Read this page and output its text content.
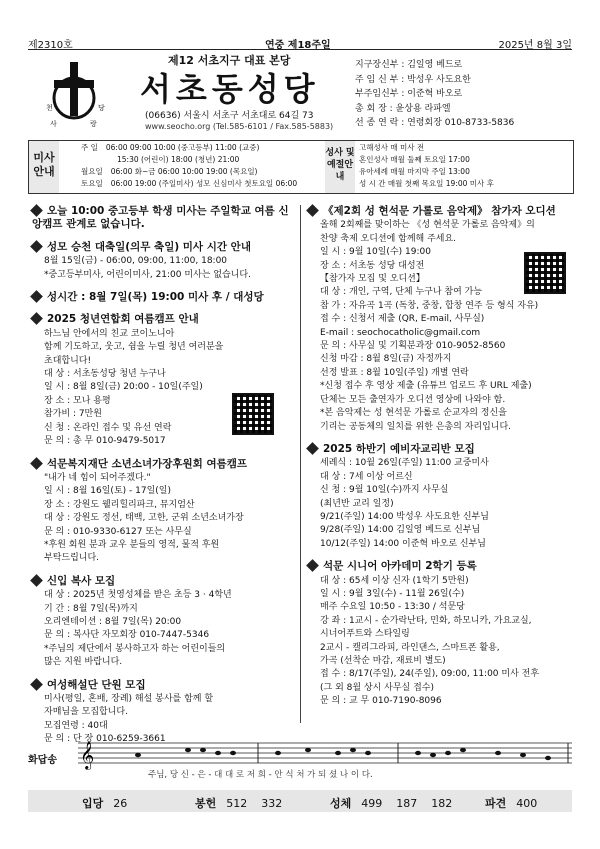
제2310호	연중 제18주일	2025년 8월 3일
천	당
사	랑
제12 서초지구 대표 본당
서초동성당
(06636) 서울시 서초구 서초대로 64길 73
www.seocho.org (Tel.585-6101 / Fax.585-5883)
지구장신부 : 김일영 베드로
주 임 신 부 : 박성우 사도요한
부주임신부 : 이준혁 바오로
총 회 장 : 윤상용 라파엘
선 종 연 락 : 연령회장 010-8733-5836
미사 안내
주 일 06:00 09:00 10:00 (중고등부) 11:00 (교중)
15:30 (어린이) 18:00 (청년) 21:00
월요일 06:00 화~금 06:00 10:00 19:00 (목요일)
토요일 06:00 19:00 (주일미사) 성모 신심미사 첫토요일 06:00
성사 및 예절안내
고해성사 매 미사 전
혼인성사 매월 둘째 토요일 17:00
유아세례 매월 마지막 주일 13:00
성 시 간 매월 첫째 목요일 19:00 미사 후
오늘 10:00 중고등부 학생 미사는 주일학교 여름 신앙캠프 관계로 없습니다.
성모 승천 대축일(의무 축일) 미사 시간 안내
8월 15일(금) - 06:00, 09:00, 11:00, 18:00
*중고등부미사, 어린이미사, 21:00 미사는 없습니다.
성시간 : 8월 7일(목) 19:00 미사 후 / 대성당
2025 청년연합회 여름캠프 안내
하느님 안에서의 친교 코이노니아
함께 기도하고, 웃고, 쉼을 누릴 청년 여러분을
초대합니다!
대 상 : 서초동성당 청년 누구나
일 시 : 8월 8일(금) 20:00 - 10일(주일)
장 소 : 모나 용평
참가비 : 7만원
신 청 : 온라인 접수 및 유선 연락
문 의 : 총 무 010-9479-5017
석문복지재단 소년소녀가장후원회 여름캠프
"내가 네 힘이 되어주겠다."
일 시 : 8월 16일(토) - 17일(일)
장 소 : 강원도 웰리힐리파크, 뮤지엄산
대 상 : 강원도 정선, 태백, 고한, 군위 소년소녀가장
문 의 : 010-9330-6127 또는 사무실
*후원 회원 분과 교우 분들의 영적, 물적 후원
부탁드립니다.
신입 복사 모집
대 상 : 2025년 첫영성체를 받은 초등 3 · 4학년
기 간 : 8월 7일(목)까지
오리엔테이션 : 8월 7일(목) 20:00
문 의 : 복사단 자모회장 010-7447-5346
*주님의 제단에서 봉사하고자 하는 어린이들의
많은 지원 바랍니다.
여성해설단 단원 모집
미사(평일, 혼배, 장례) 해설 봉사를 함께 할
자매님을 모집합니다.
모집연령 : 40대
문 의 : 단 장 010-6259-3661
《제2회 성 현석문 가롤로 음악제》 참가자 오디션
올해 2회째를 맞이하는 《성 현석문 가롤로 음악제》의
찬양 축제 오디션에 함께해 주세요.
일 시 : 9월 10일(수) 19:00
장 소 : 서초동 성당 대성전
【참가자 모집 및 오디션】
대 상 : 개인, 구역, 단체 누구나 참여 가능
참 가 : 자유곡 1곡 (독창, 중창, 합창 연주 등 형식 자유)
접 수 : 신청서 제출 (QR, E-mail, 사무실)
E-mail : seochocatholic@gmail.com
문 의 : 사무실 및 기획분과장 010-9052-8560
신청 마감 : 8월 8일(금) 자정까지
선정 발표 : 8월 10일(주일) 개별 연락
*신청 접수 후 영상 제출 (유튜브 업로드 후 URL 제출)
단체는 모든 출연자가 오디션 영상에 나와야 함.
*본 음악제는 성 현석문 가롤로 순교자의 정신을
기리는 공동체의 일치를 위한 은총의 자리입니다.
2025 하반기 예비자교리반 모집
세례식 : 10월 26일(주일) 11:00 교중미사
대 상 : 7세 이상 어르신
신 청 : 9월 10일(수)까지 사무실
(최년반 교리 일정)
9/21(주일) 14:00 박성우 사도요한 신부님
9/28(주일) 14:00 김일영 베드로 신부님
10/12(주일) 14:00 이준혁 바오로 신부님
석문 시니어 아카데미 2학기 등록
대 상 : 65세 이상 신자 (1학기 5만원)
일 시 : 9월 3일(수) - 11월 26일(수)
매주 수요일 10:50 - 13:30 / 석문당
강 좌 : 1교시 - 순가락난타, 민화, 하모니카, 가요교실,
시너어푸트와 스타일링
2교시 - 캘리그라피, 라인댄스, 스마트폰 활용,
가곡 (선착순 마감, 재료비 별도)
접 수 : 8/17(주일), 24(주일), 09:00, 11:00 미사 전후
(그 외 8월 상시 사무실 접수)
문 의 : 교 무 010-7190-8096
화답송 𝄞
주님, 당 신 - 은 - 대 대 로 저 희 - 안 식 처 가 되 셨 나 이 다.
입당 26	봉헌 512 332	성체 499 187 182	파견 400
